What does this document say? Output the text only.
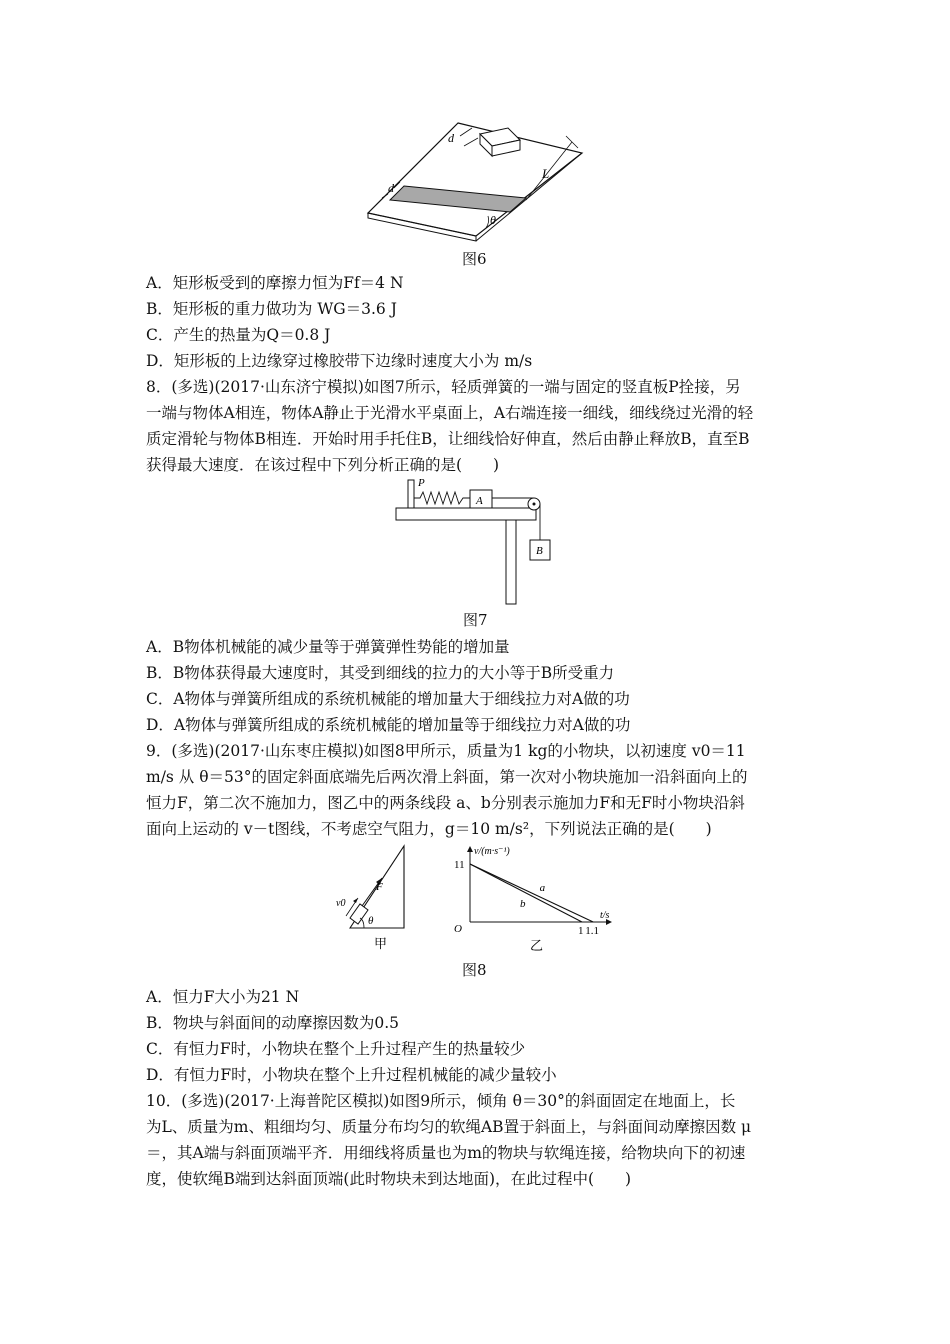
d
d
L
θ
图6
A．矩形板受到的摩擦力恒为Ff＝4 N
B．矩形板的重力做功为 WG＝3.6 J
C．产生的热量为Q＝0.8 J
D．矩形板的上边缘穿过橡胶带下边缘时速度大小为 m/s
8．(多选)(2017·山东济宁模拟)如图7所示，轻质弹簧的一端与固定的竖直板P拴接，另
一端与物体A相连，物体A静止于光滑水平桌面上，A右端连接一细线，细线绕过光滑的轻
质定滑轮与物体B相连．开始时用手托住B，让细线恰好伸直，然后由静止释放B，直至B
获得最大速度．在该过程中下列分析正确的是(　　)
P
A
B
图7
A．B物体机械能的减少量等于弹簧弹性势能的增加量
B．B物体获得最大速度时，其受到细线的拉力的大小等于B所受重力
C．A物体与弹簧所组成的系统机械能的增加量大于细线拉力对A做的功
D．A物体与弹簧所组成的系统机械能的增加量等于细线拉力对A做的功
9．(多选)(2017·山东枣庄模拟)如图8甲所示，质量为1 kg的小物块，以初速度 v0＝11
m/s 从 θ＝53°的固定斜面底端先后两次滑上斜面，第一次对小物块施加一沿斜面向上的
恒力F，第二次不施加力，图乙中的两条线段 a、b分别表示施加力F和无F时小物块沿斜
面向上运动的 v－t图线，不考虑空气阻力，g＝10 m/s²，下列说法正确的是(　　)
F
v0
θ
甲
v/(m·s⁻¹)
t/s
O
11
1 1.1
a
b
乙
图8
A．恒力F大小为21 N
B．物块与斜面间的动摩擦因数为0.5
C．有恒力F时，小物块在整个上升过程产生的热量较少
D．有恒力F时，小物块在整个上升过程机械能的减少量较小
10．(多选)(2017·上海普陀区模拟)如图9所示，倾角 θ＝30°的斜面固定在地面上，长
为L、质量为m、粗细均匀、质量分布均匀的软绳AB置于斜面上，与斜面间动摩擦因数 μ
＝，其A端与斜面顶端平齐．用细线将质量也为m的物块与软绳连接，给物块向下的初速
度，使软绳B端到达斜面顶端(此时物块未到达地面)，在此过程中(　　)
